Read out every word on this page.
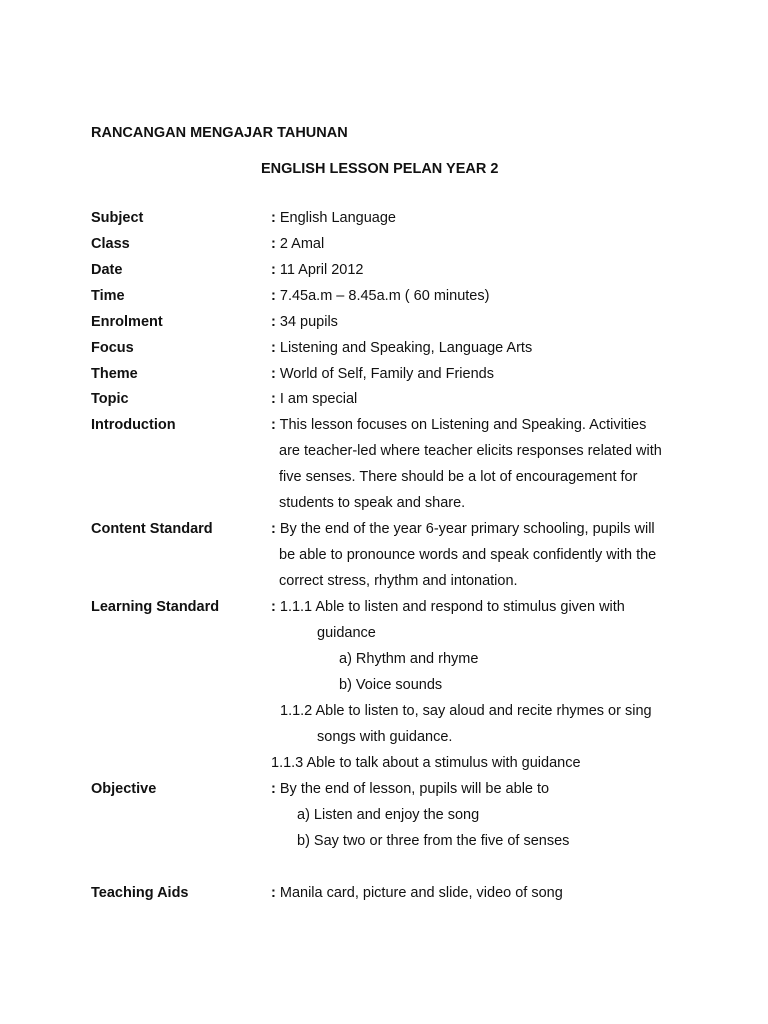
RANCANGAN MENGAJAR TAHUNAN
ENGLISH LESSON PELAN YEAR 2
Subject	: English Language
Class	: 2 Amal
Date	: 11 April 2012
Time	: 7.45a.m – 8.45a.m ( 60 minutes)
Enrolment	: 34 pupils
Focus	: Listening and Speaking, Language Arts
Theme	: World of Self, Family and Friends
Topic	: I am special
Introduction	: This lesson focuses on Listening and Speaking. Activities
are teacher-led where teacher elicits responses related with
five senses. There should be a lot of encouragement for
students to speak and share.
Content Standard	: By the end of the year 6-year primary schooling, pupils will
be able to pronounce words and speak confidently with the
correct stress, rhythm and intonation.
Learning Standard	: 1.1.1 Able to listen and respond to stimulus given with
guidance
a) Rhythm and rhyme
b) Voice sounds
1.1.2 Able to listen to, say aloud and recite rhymes or sing
songs with guidance.
1.1.3 Able to talk about a stimulus with guidance
Objective	: By the end of lesson, pupils will be able to
a) Listen and enjoy the song
b) Say two or three from the five of senses
Teaching Aids	: Manila card, picture and slide, video of song
